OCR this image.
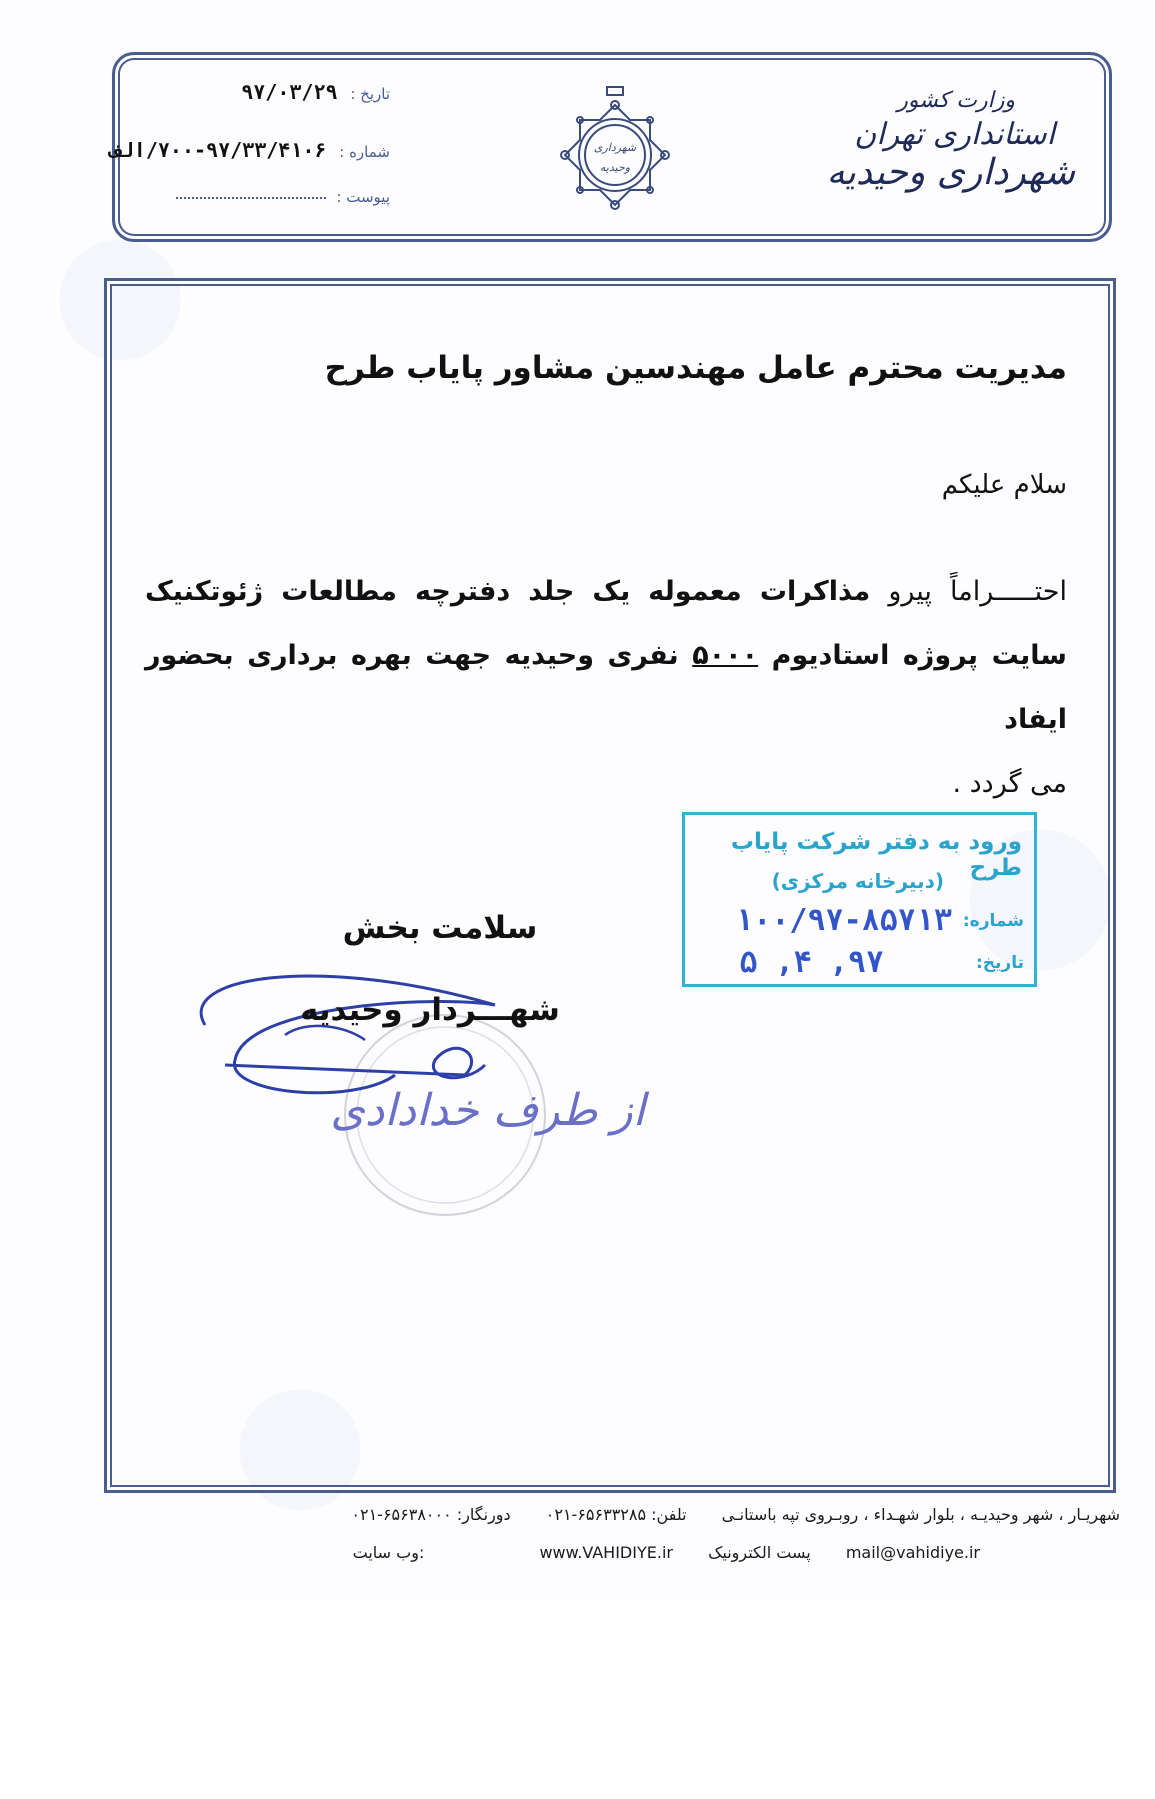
تاریخ : ۹۷/۰۳/۲۹
شماره : ۹۷/۳۳/۴۱۰۶-۷۰۰/الف
پیوست :
شهرداری
وحیدیه
وزارت کشور
استانداری تهران
شهرداری وحیدیه
مدیریت محترم عامل مهندسین مشاور پایاب طرح
سلام علیکم
احتـــــراماً پیرو مذاکرات معموله یک جلد دفترچه مطالعات ژئوتکنیک سایت پروژه استادیوم ۵۰۰۰ نفری وحیدیه جهت بهره برداری بحضور ایفاد
می گردد .
ورود به دفتر شرکت پایاب طرح
(دبیرخانه مرکزی)
شماره:
۱۰۰/۹۷-۸۵۷۱۳
تاریخ:
۹۷, ۴, ۵
از طرف خدادادی
سلامت بخش
شهـــردار وحیدیه
شهریـار ، شهر وحیدیـه ، بلوار شهـداء ، روبـروی تپه باستانـی تلفن: ۶۵۶۳۳۲۸۵-۰۲۱ دورنگار: ۶۵۶۳۸۰۰۰-۰۲۱
mail@vahidiye.ir پست الکترونیک www.VAHIDIYE.ir :وب سایت
